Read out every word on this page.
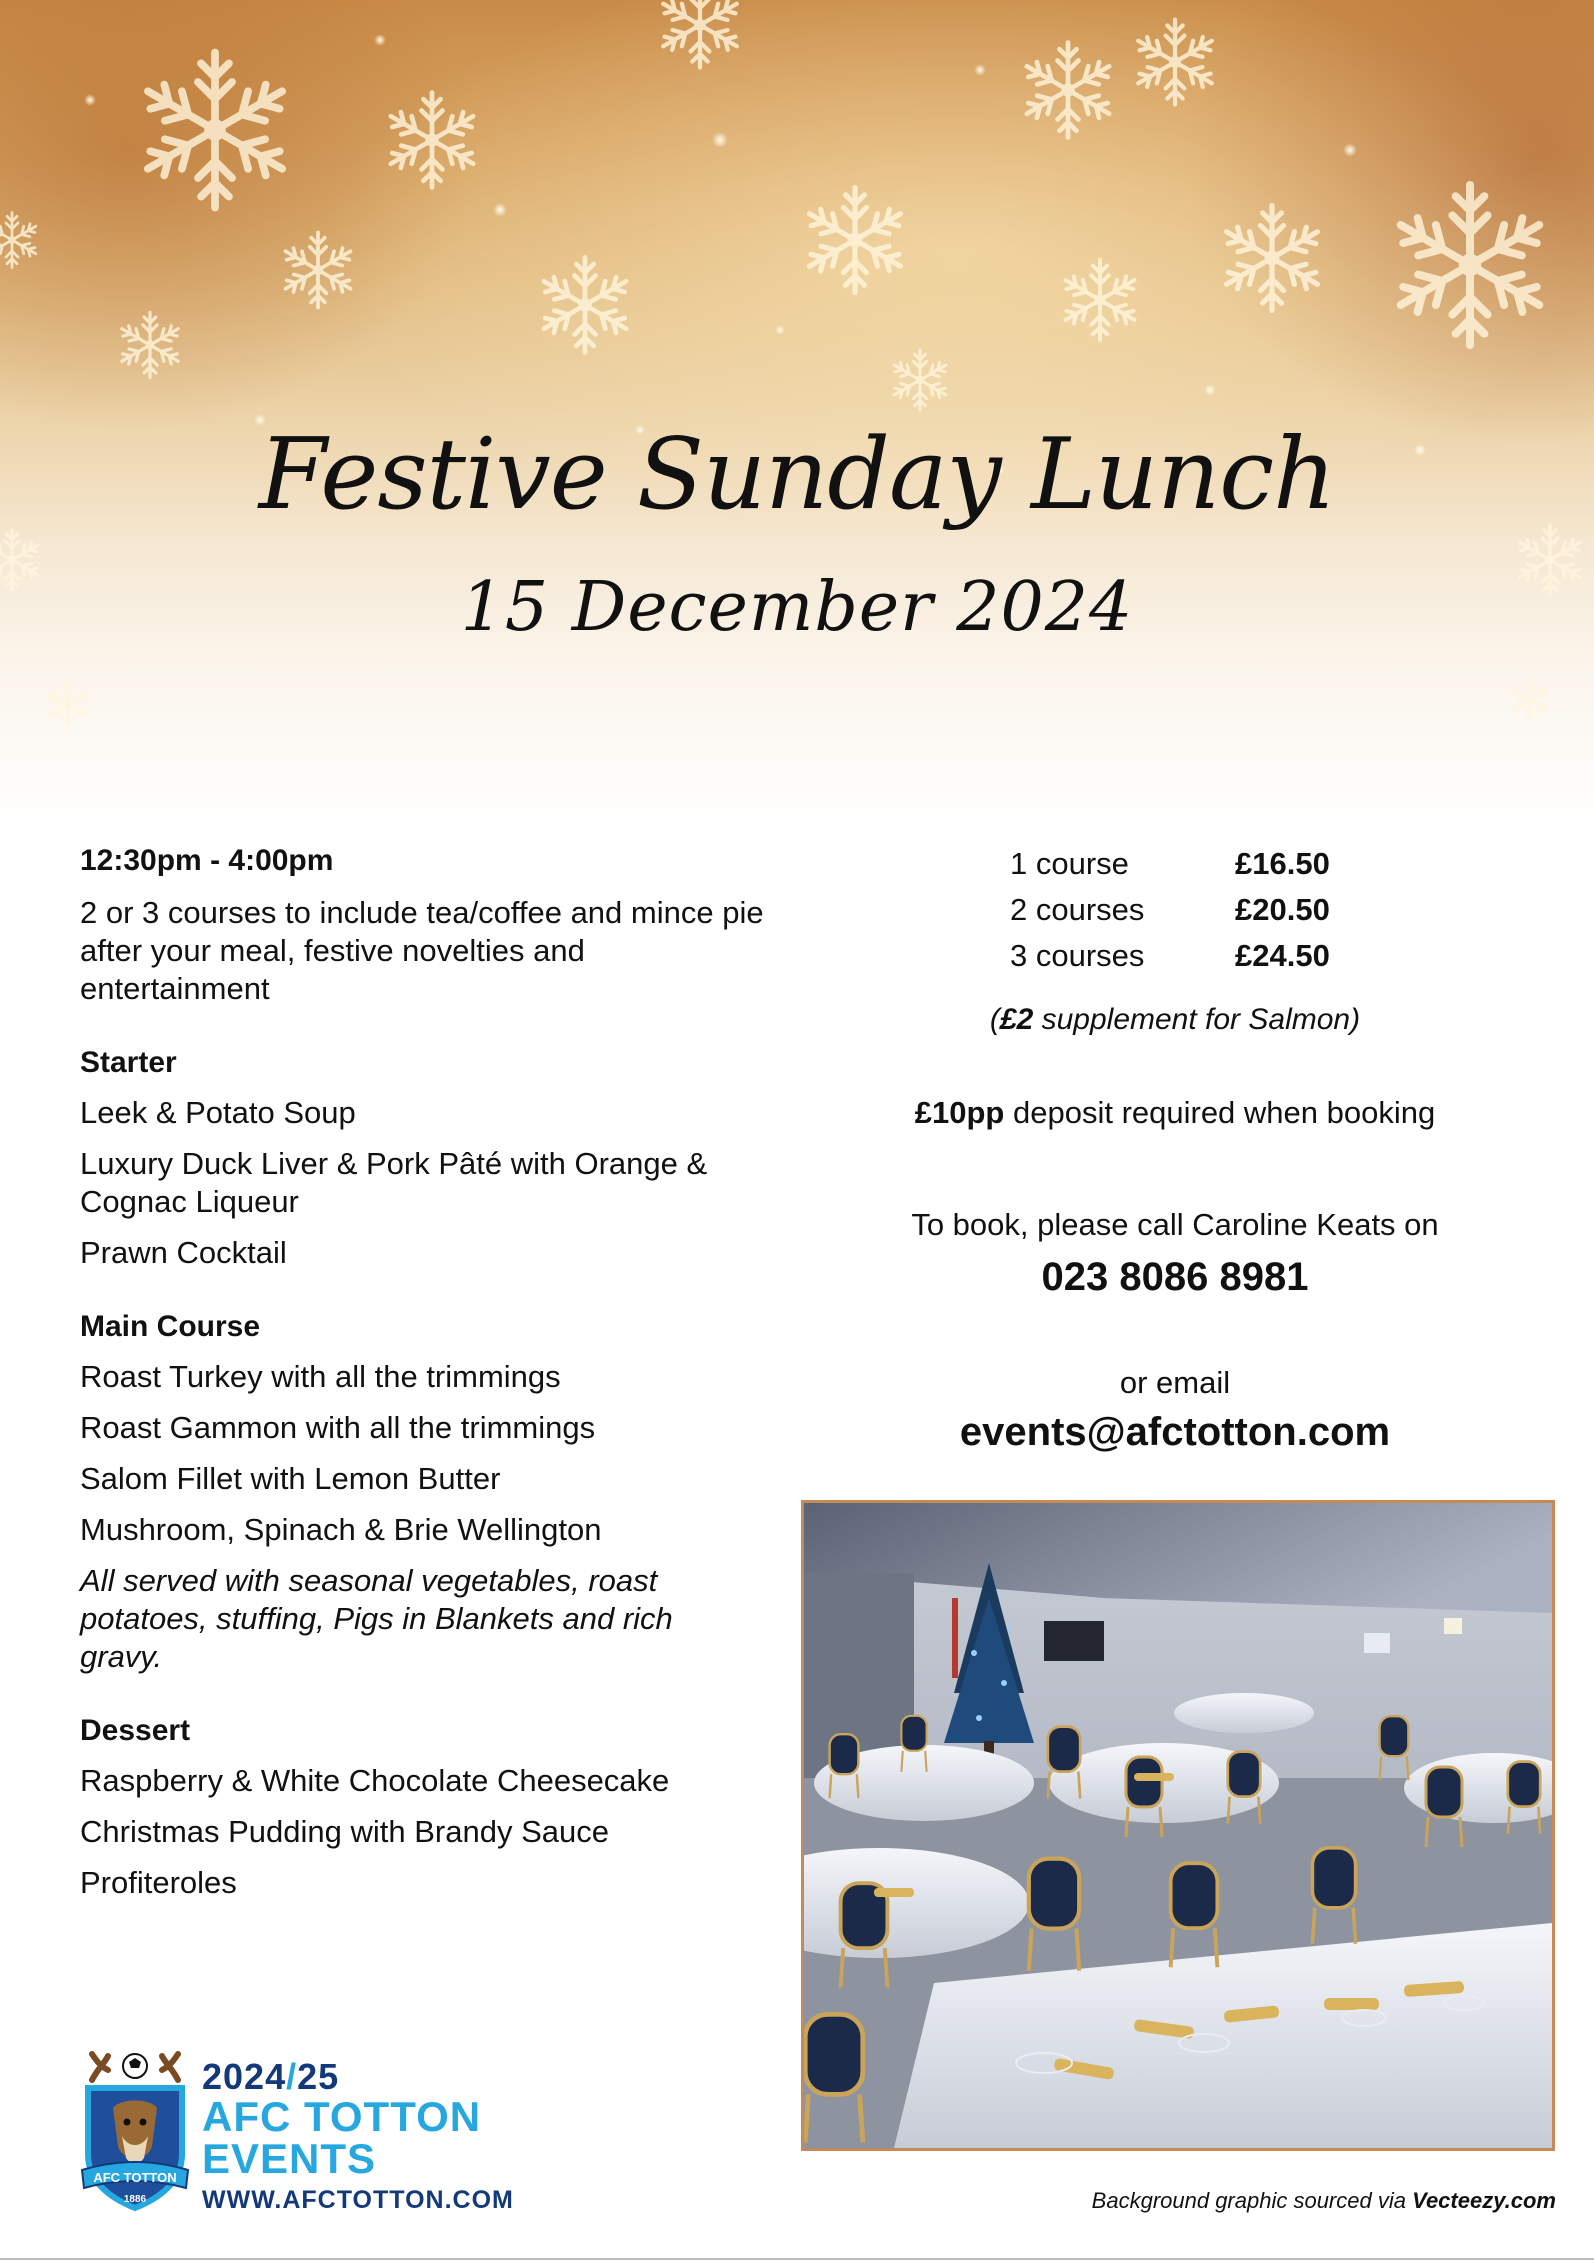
Festive Sunday Lunch
15 December 2024

12:30pm - 4:00pm

2 or 3 courses to include tea/coffee and mince pie after your meal, festive novelties and entertainment

Starter

Leek & Potato Soup

Luxury Duck Liver & Pork Pâté with Orange & Cognac Liqueur

Prawn Cocktail

Main Course

Roast Turkey with all the trimmings

Roast Gammon with all the trimmings

Salom Fillet with Lemon Butter

Mushroom, Spinach & Brie Wellington

All served with seasonal vegetables, roast potatoes, stuffing, Pigs in Blankets and rich gravy.

Dessert

Raspberry & White Chocolate Cheesecake

Christmas Pudding with Brandy Sauce

Profiteroles

1 course	£16.50
2 courses	£20.50
3 courses	£24.50
(£2 supplement for Salmon)
£10pp deposit required when booking
To book, please call Caroline Keats on
023 8086 8981
or email
events@afctotton.com
AFC TOTTON
1886
2024/25
AFC TOTTON
EVENTS
WWW.AFCTOTTON.COM	Background graphic sourced via Vecteezy.com
